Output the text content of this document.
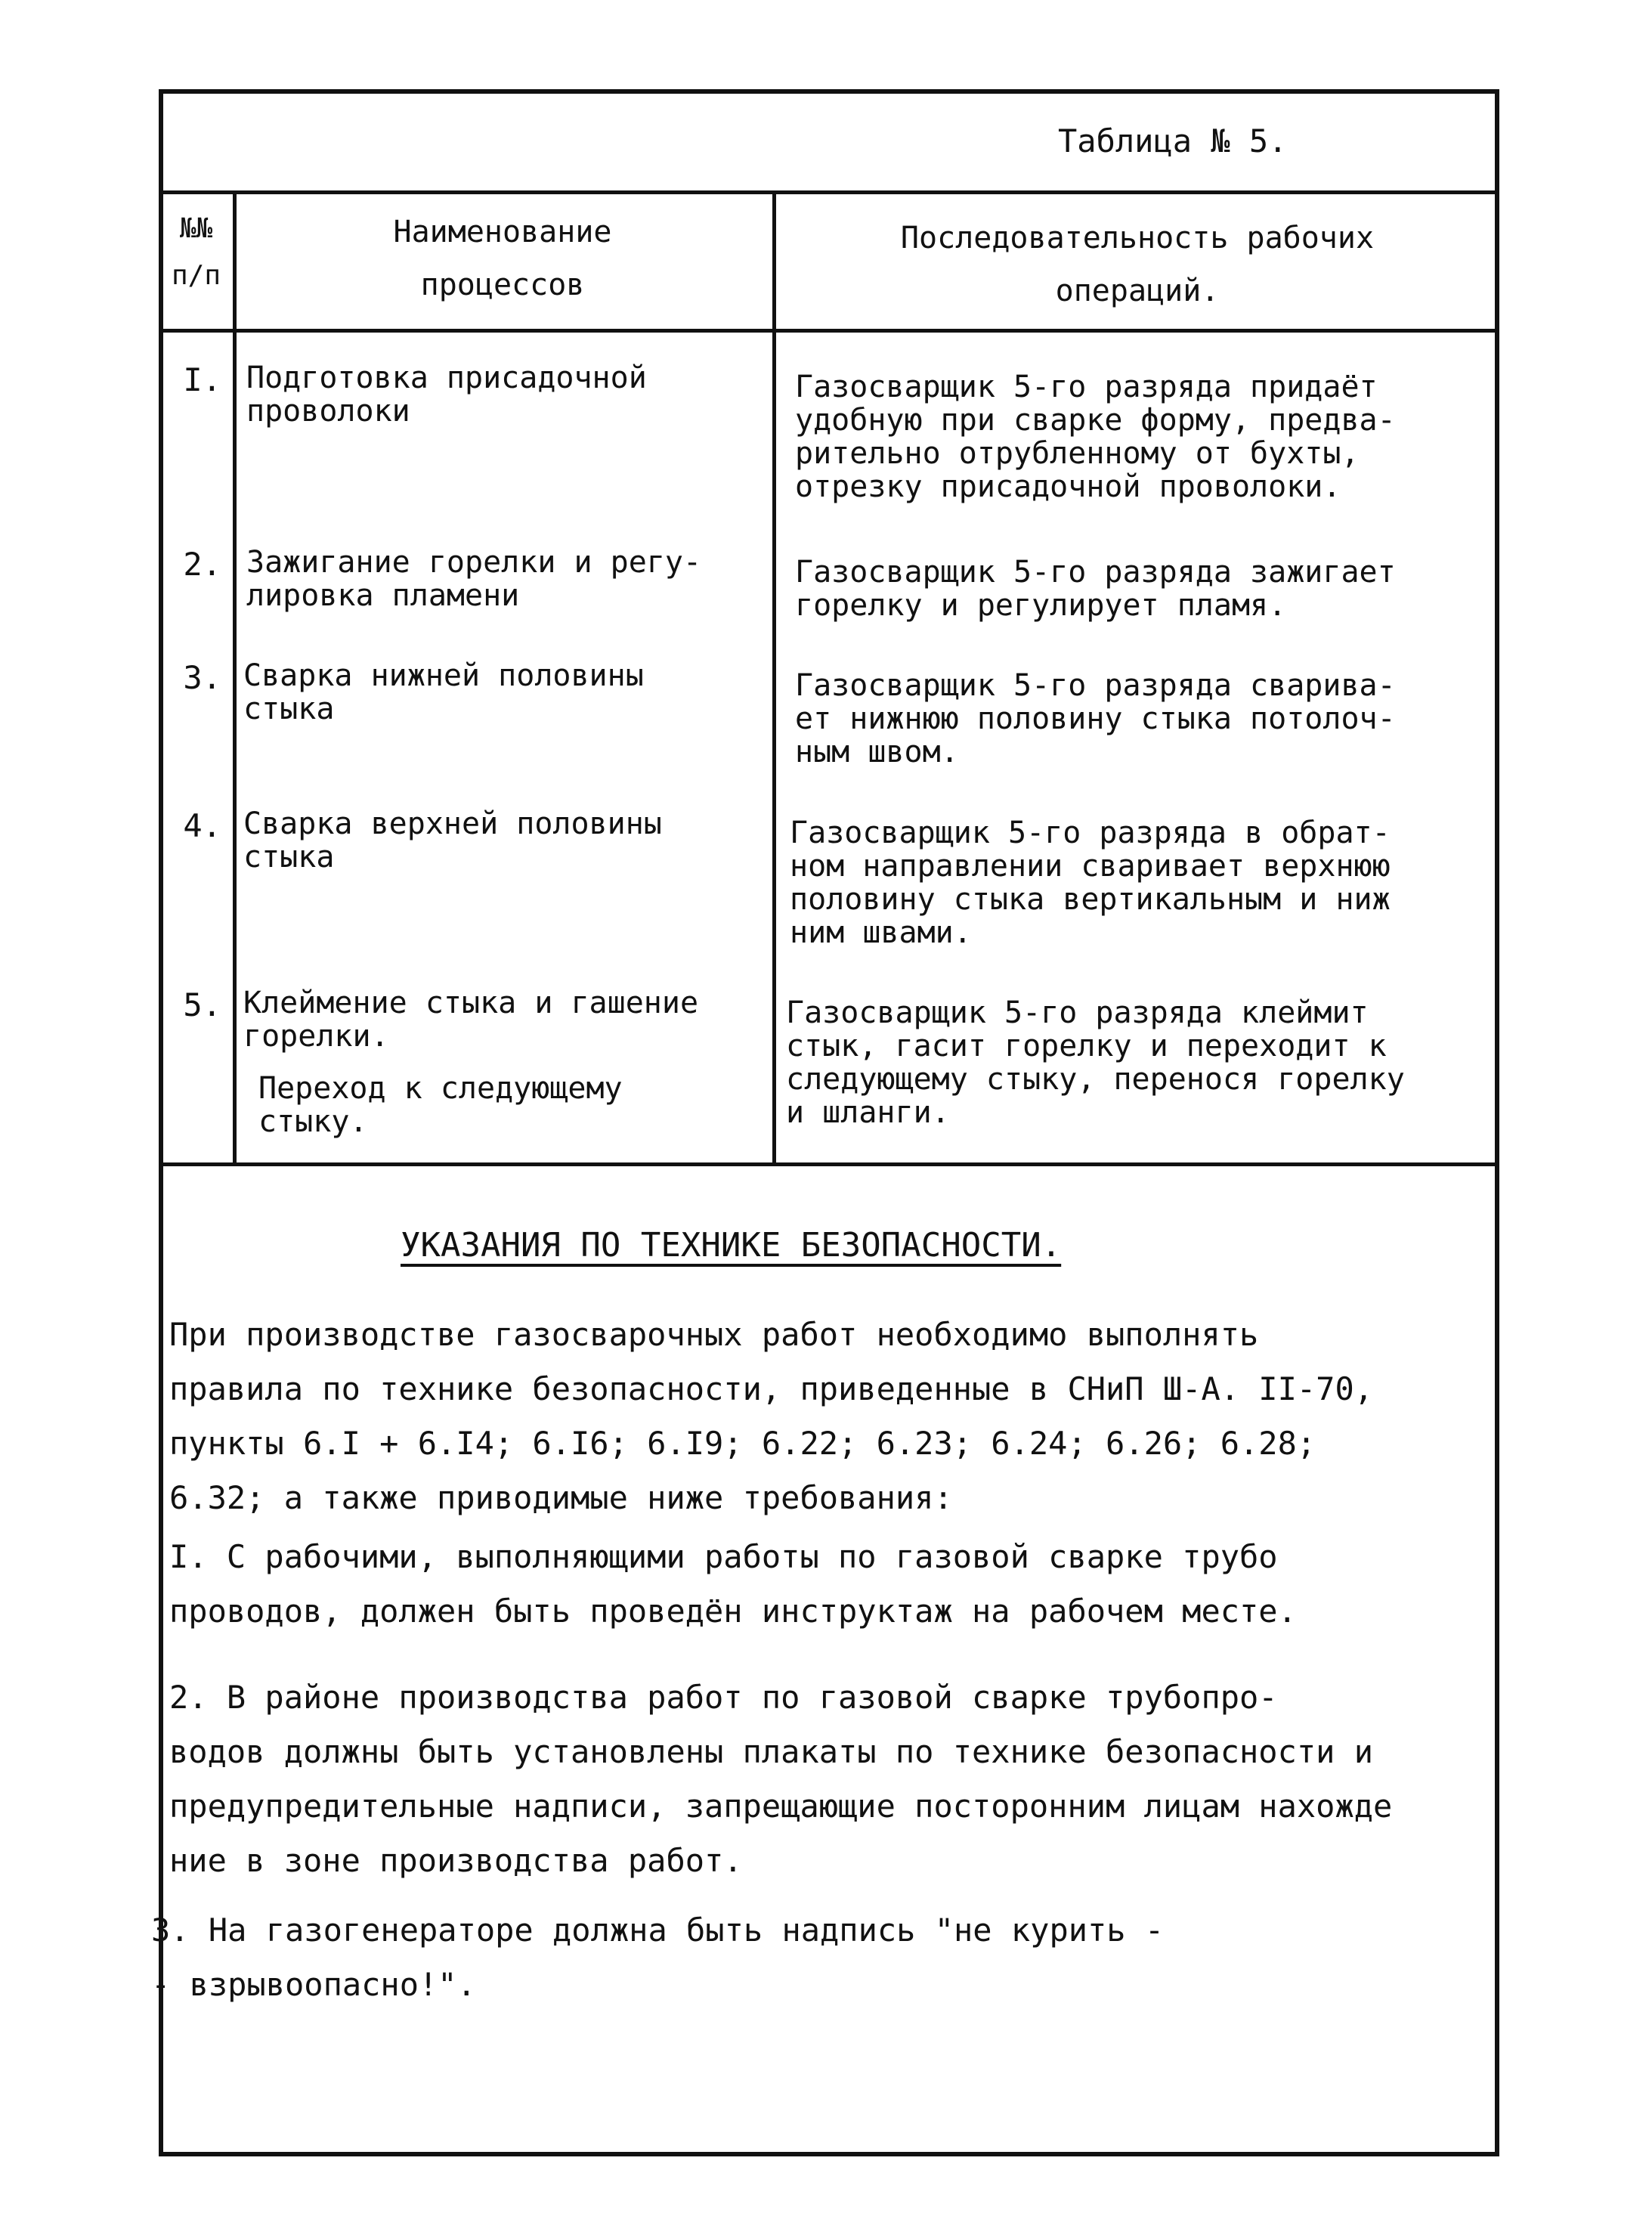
Таблица № 5.
№№
п/п
Наименование
процессов
Последовательность рабочих
операций.
I. Подготовка присадочной
проволоки
Газосварщик 5-го разряда придаёт
удобную при сварке форму, предва-
рительно отрубленному от бухты,
отрезку присадочной проволоки.
2. Зажигание горелки и регу-
лировка пламени
Газосварщик 5-го разряда зажигает
горелку и регулирует пламя.
3. Сварка нижней половины
стыка
Газосварщик 5-го разряда сварива-
ет нижнюю половину стыка потолоч-
ным швом.
4. Сварка верхней половины
стыка
Газосварщик 5-го разряда в обрат-
ном направлении сваривает верхнюю
половину стыка вертикальным и ниж
ним швами.
5. Клеймение стыка и гашение
горелки.
Переход к следующему
стыку.
Газосварщик 5-го разряда клеймит
стык, гасит горелку и переходит к
следующему стыку, перенося горелку
и шланги.
УКАЗАНИЯ ПО ТЕХНИКЕ БЕЗОПАСНОСТИ.
При производстве газосварочных работ необходимо выполнять
правила по технике безопасности, приведенные в СНиП Ш-А. II-70,
пункты 6.I + 6.I4; 6.I6; 6.I9; 6.22; 6.23; 6.24; 6.26; 6.28;
6.32; а также приводимые ниже требования:
I. С рабочими, выполняющими работы по газовой сварке трубо
проводов, должен быть проведён инструктаж на рабочем месте.
2. В районе производства работ по газовой сварке трубопро-
водов должны быть установлены плакаты по технике безопасности и
предупредительные надписи, запрещающие посторонним лицам нахожде
ние в зоне производства работ.
3. На газогенераторе должна быть надпись "не курить -
- взрывоопасно!".
